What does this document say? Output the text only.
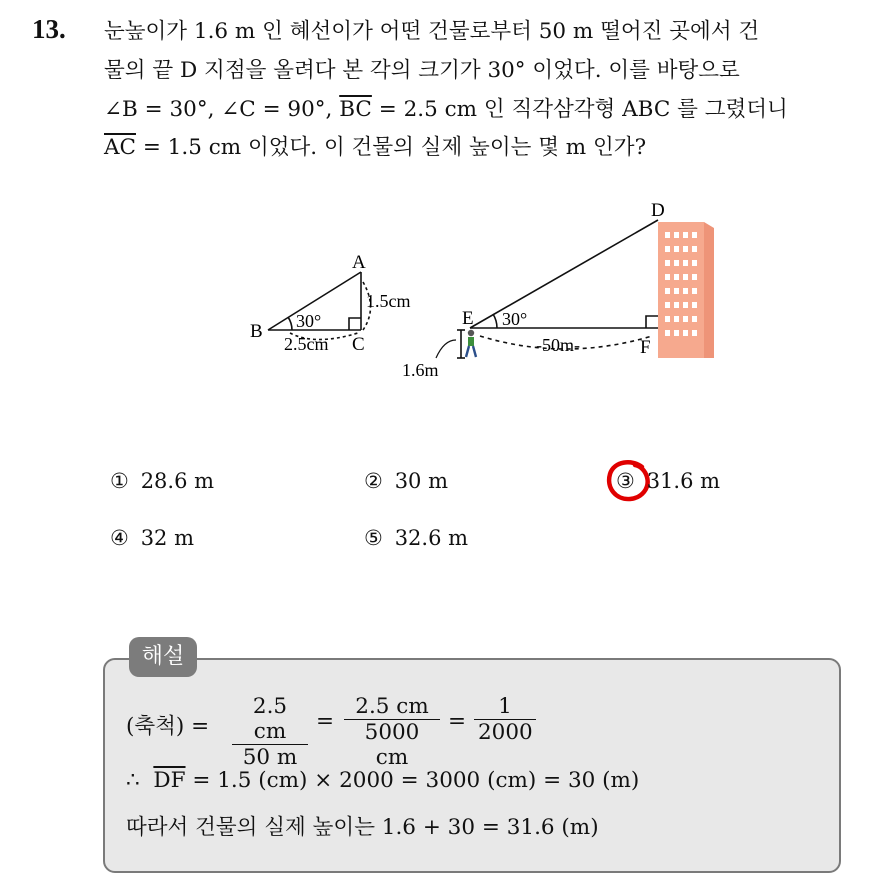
13. 눈높이가 1.6 m 인 혜선이가 어떤 건물로부터 50 m 떨어진 곳에서 건
물의 끝 D 지점을 올려다 본 각의 크기가 30° 이었다. 이를 바탕으로
∠B = 30°, ∠C = 90°, $\overline{BC} = 2.5$ cm 인 직각삼각형 ABC 를 그렸더니
$\overline{AC} = 1.5$ cm 이었다. 이 건물의 실제 높이는 몇 m 인가?
A
B
C
30°
1.5cm
2.5cm
D
E
F
30°
-50m-
1.6m
① 28.6 m	② 30 m	③ 31.6 m
④ 32 m	⑤ 32.6 m
해설
(축척) =
2.5 cm
50 m
=
2.5 cm
5000 cm
=
1
2000
∴ $\overline{DF} = 1.5$ (cm) × 2000 = 3000 (cm) = 30 (m)
따라서 건물의 실제 높이는 1.6 + 30 = 31.6 (m)
